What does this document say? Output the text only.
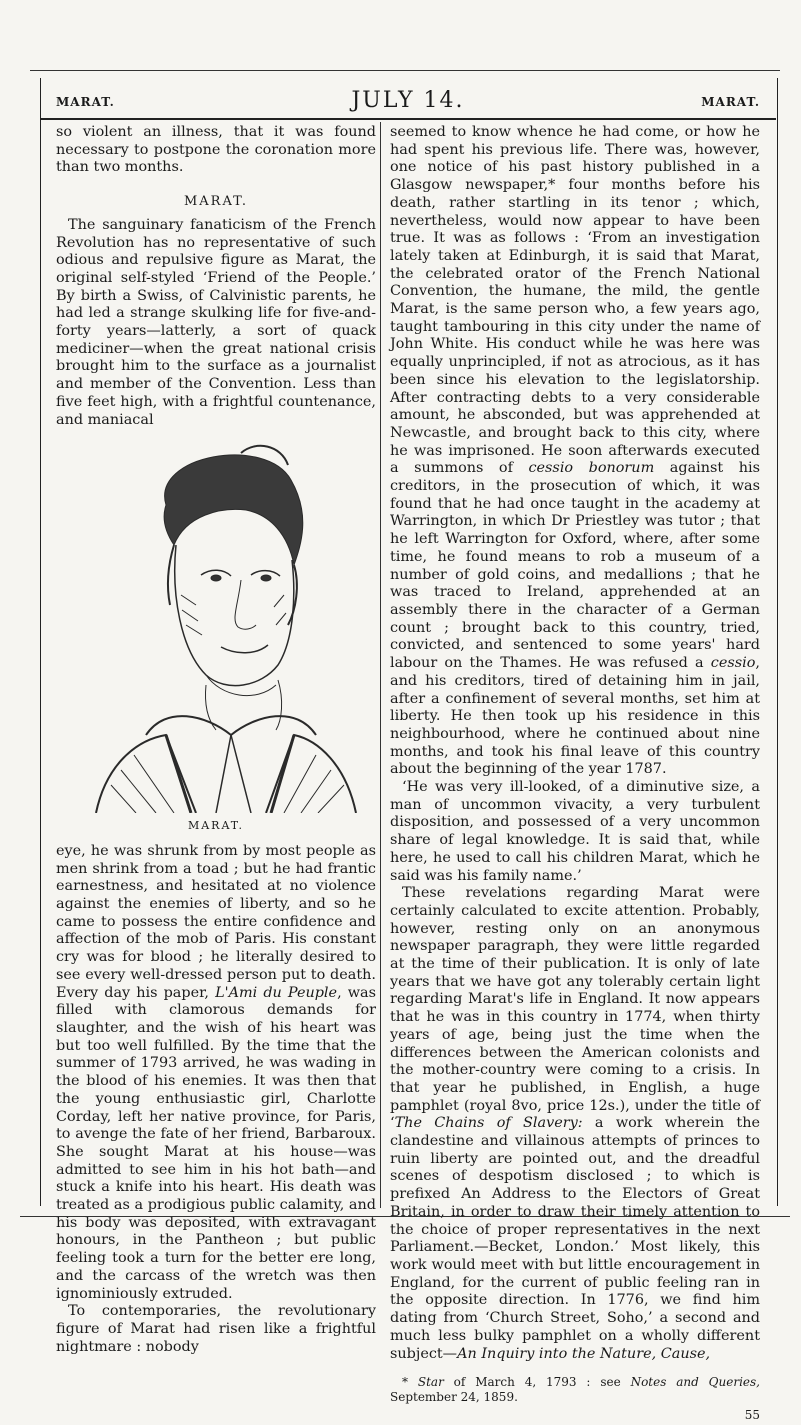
MARAT.	JULY 14.	MARAT.

so violent an illness, that it was found necessary to postpone the coronation more than two months.

MARAT.

The sanguinary fanaticism of the French Revolution has no representative of such odious and repulsive figure as Marat, the original self-styled ‘Friend of the People.’ By birth a Swiss, of Calvinistic parents, he had led a strange skulking life for five-and-forty years—latterly, a sort of quack mediciner—when the great national crisis brought him to the surface as a journalist and member of the Convention. Less than five feet high, with a frightful countenance, and maniacal

MARAT.

eye, he was shrunk from by most people as men shrink from a toad ; but he had frantic earnestness, and hesitated at no violence against the enemies of liberty, and so he came to possess the entire confidence and affection of the mob of Paris. His constant cry was for blood ; he literally desired to see every well-dressed person put to death. Every day his paper, L'Ami du Peuple, was filled with clamorous demands for slaughter, and the wish of his heart was but too well fulfilled. By the time that the summer of 1793 arrived, he was wading in the blood of his enemies. It was then that the young enthusiastic girl, Charlotte Corday, left her native province, for Paris, to avenge the fate of her friend, Barbaroux. She sought Marat at his house—was admitted to see him in his hot bath—and stuck a knife into his heart. His death was treated as a prodigious public calamity, and his body was deposited, with extravagant honours, in the Pantheon ; but public feeling took a turn for the better ere long, and the carcass of the wretch was then ignominiously extruded.

To contemporaries, the revolutionary figure of Marat had risen like a frightful nightmare : nobody

seemed to know whence he had come, or how he had spent his previous life. There was, however, one notice of his past history published in a Glasgow newspaper,* four months before his death, rather startling in its tenor ; which, nevertheless, would now appear to have been true. It was as follows : ‘From an investigation lately taken at Edinburgh, it is said that Marat, the celebrated orator of the French National Convention, the humane, the mild, the gentle Marat, is the same person who, a few years ago, taught tambouring in this city under the name of John White. His conduct while he was here was equally unprincipled, if not as atrocious, as it has been since his elevation to the legislatorship. After contracting debts to a very considerable amount, he absconded, but was apprehended at Newcastle, and brought back to this city, where he was imprisoned. He soon afterwards executed a summons of cessio bonorum against his creditors, in the prosecution of which, it was found that he had once taught in the academy at Warrington, in which Dr Priestley was tutor ; that he left Warrington for Oxford, where, after some time, he found means to rob a museum of a number of gold coins, and medallions ; that he was traced to Ireland, apprehended at an assembly there in the character of a German count ; brought back to this country, tried, convicted, and sentenced to some years' hard labour on the Thames. He was refused a cessio, and his creditors, tired of detaining him in jail, after a confinement of several months, set him at liberty. He then took up his residence in this neighbourhood, where he continued about nine months, and took his final leave of this country about the beginning of the year 1787.

‘He was very ill-looked, of a diminutive size, a man of uncommon vivacity, a very turbulent disposition, and possessed of a very uncommon share of legal knowledge. It is said that, while here, he used to call his children Marat, which he said was his family name.’

These revelations regarding Marat were certainly calculated to excite attention. Probably, however, resting only on an anonymous newspaper paragraph, they were little regarded at the time of their publication. It is only of late years that we have got any tolerably certain light regarding Marat's life in England. It now appears that he was in this country in 1774, when thirty years of age, being just the time when the differences between the American colonists and the mother-country were coming to a crisis. In that year he published, in English, a huge pamphlet (royal 8vo, price 12s.), under the title of ‘The Chains of Slavery: a work wherein the clandestine and villainous attempts of princes to ruin liberty are pointed out, and the dreadful scenes of despotism disclosed ; to which is prefixed An Address to the Electors of Great Britain, in order to draw their timely attention to the choice of proper representatives in the next Parliament.—Becket, London.’ Most likely, this work would meet with but little encouragement in England, for the current of public feeling ran in the opposite direction. In 1776, we find him dating from ‘Church Street, Soho,’ a second and much less bulky pamphlet on a wholly different subject—An Inquiry into the Nature, Cause,

* Star of March 4, 1793 : see Notes and Queries, September 24, 1859.

55
